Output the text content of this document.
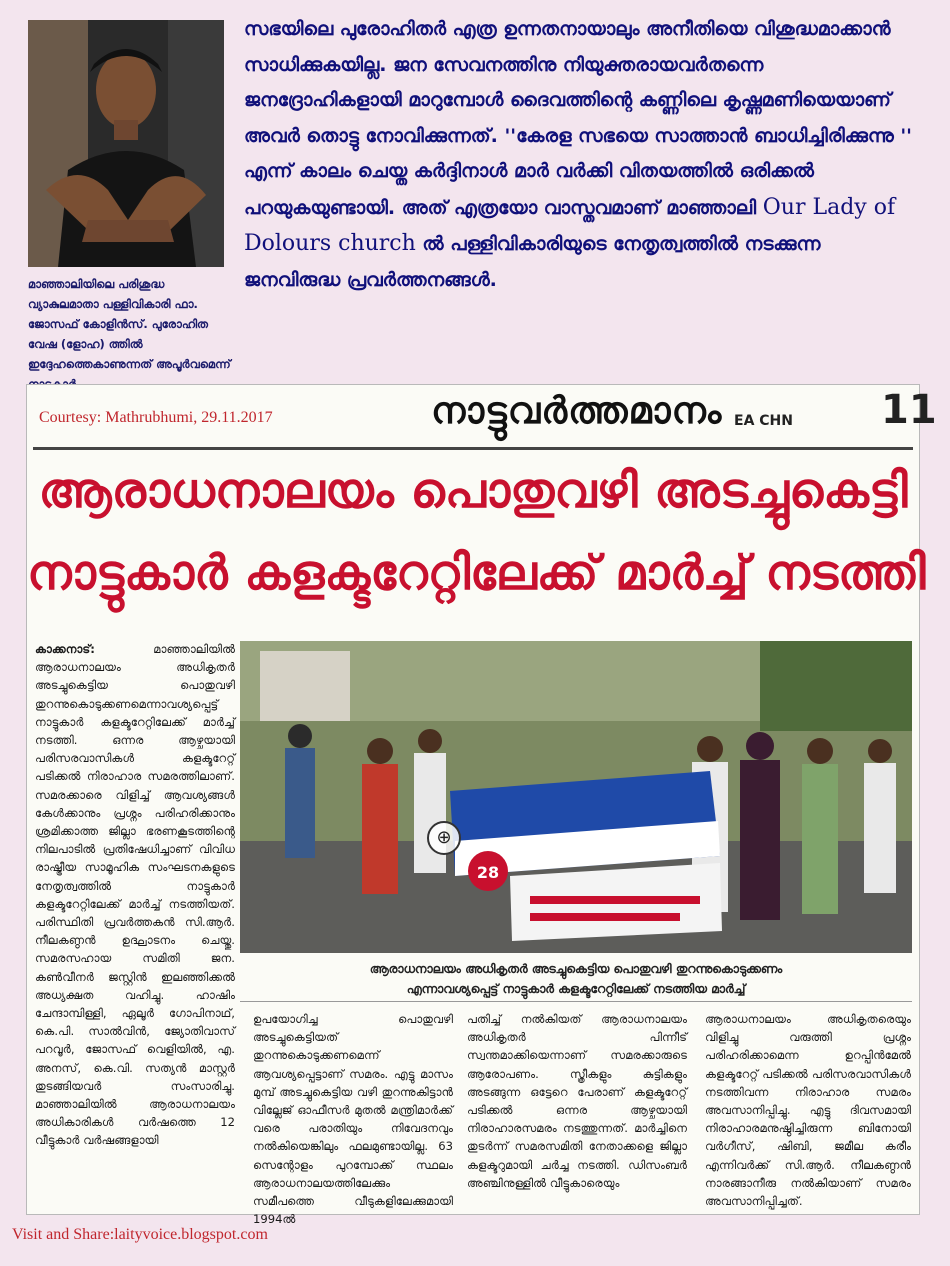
മാഞ്ഞാലിയിലെ പരിശുദ്ധ വ്യാകുലമാതാ പള്ളിവികാരി ഫാ. ജോസഫ് കോളിൻസ്. പുരോഹിത വേഷ (ളോഹ) ത്തിൽ ഇദ്ദേഹത്തെകാണുന്നത് അപൂർവമെന്ന്
സഭയിലെ പുരോഹിതർ എത്ര ഉന്നതനായാലും അനീതിയെ വിശുദ്ധമാക്കാൻ സാധിക്കുകയില്ല. ജന സേവനത്തിനു നിയുക്തരായവർതന്നെ ജനദ്രോഹികളായി മാറുമ്പോൾ ദൈവത്തിന്റെ കണ്ണിലെ കൃഷ്ണമണിയെയാണ് അവർ തൊട്ടു നോവിക്കുന്നത്. ''കേരള സഭയെ സാത്താൻ ബാധിച്ചിരിക്കുന്നു '' എന്ന് കാലം ചെയ്ത കർദ്ദിനാൾ മാർ വർക്കി വിതയത്തിൽ ഒരിക്കൽ പറയുകയുണ്ടായി. അത് എത്രയോ വാസ്തവമാണ് മാഞ്ഞാലി Our Lady of Dolours church ൽ പള്ളിവികാരിയുടെ നേതൃത്വത്തിൽ നടക്കുന്ന ജനവിരുദ്ധ പ്രവർത്തനങ്ങൾ.
Courtesy: Mathrubhumi, 29.11.2017	നാട്ടുവർത്തമാനം EA CHN 11
ആരാധനാലയം പൊതുവഴി അടച്ചുകെട്ടി
നാട്ടുകാർ കളക്ടറേറ്റിലേക്ക് മാർച്ച് നടത്തി
കാക്കനാട്: മാഞ്ഞാലിയിൽ ആരാധനാലയം അധികൃതർ അടച്ചുകെട്ടിയ പൊതുവഴി തുറന്നുകൊടുക്കണമെന്നാവശ്യപ്പെട്ട് നാട്ടുകാർ കളക്ടറേറ്റിലേക്ക് മാർച്ച് നടത്തി. ഒന്നര ആഴ്ചയായി പരിസരവാസികൾ കളക്ടറേറ്റ് പടിക്കൽ നിരാഹാര സമരത്തിലാണ്. സമരക്കാരെ വിളിച്ച് ആവശ്യങ്ങൾ കേൾക്കാനും പ്രശ്നം പരിഹരിക്കാനും ശ്രമിക്കാത്ത ജില്ലാ ഭരണകൂടത്തിന്റെ നിലപാടിൽ പ്രതിഷേധിച്ചാണ് വിവിധ രാഷ്ട്രീയ സാമൂഹിക സംഘടനകളുടെ നേതൃത്വത്തിൽ നാട്ടുകാർ കളക്ടറേറ്റിലേക്ക് മാർച്ച് നടത്തിയത്. പരിസ്ഥിതി പ്രവർത്തകൻ സി.ആർ. നീലകണ്ഠൻ ഉദ്ഘാടനം ചെയ്തു. സമരസഹായ സമിതി ജന. കൺവീനർ ജസ്റ്റിൻ ഇലഞ്ഞിക്കൽ അധ്യക്ഷത വഹിച്ചു. ഹാഷിം ചേന്ദാമ്പിള്ളി, ഏലൂർ ഗോപിനാഥ്, കെ.പി. സാൽവിൻ, ജ്യോതിവാസ് പറവൂർ, ജോസഫ് വെളിയിൽ, എ. അനസ്, കെ.വി. സത്യൻ മാസ്റ്റർ തുടങ്ങിയവർ സംസാരിച്ചു. മാഞ്ഞാലിയിൽ ആരാധനാലയം അധികാരികൾ വർഷത്തെ 12 വീട്ടുകാർ വർഷങ്ങളായി
28
⊕
ആരാധനാലയം അധികൃതർ അടച്ചുകെട്ടിയ പൊതുവഴി തുറന്നുകൊടുക്കണം
എന്നാവശ്യപ്പെട്ട് നാട്ടുകാർ കളക്ടറേറ്റിലേക്ക് നടത്തിയ മാർച്ച്
ഉപയോഗിച്ച പൊതുവഴി അടച്ചുകെട്ടിയത് തുറന്നുകൊടുക്കണമെന്ന് ആവശ്യപ്പെട്ടാണ് സമരം. എട്ടു മാസം മുമ്പ് അടച്ചുകെട്ടിയ വഴി തുറന്നുകിട്ടാൻ വില്ലേജ് ഓഫീസർ മുതൽ മന്ത്രിമാർക്ക് വരെ പരാതിയും നിവേദനവും നൽകിയെങ്കിലും ഫലമുണ്ടായില്ല. 63 സെന്റോളം പുറമ്പോക്ക് സ്ഥലം ആരാധനാലയത്തിലേക്കും സമീപത്തെ വീടുകളിലേക്കുമായി 1994ൽ
പതിച്ച് നൽകിയത് ആരാധനാലയം അധികൃതർ പിന്നീട് സ്വന്തമാക്കിയെന്നാണ് സമരക്കാരുടെ ആരോപണം. സ്ത്രീകളും കുട്ടികളും അടങ്ങുന്ന ഒട്ടേറെ പേരാണ് കളക്ടറേറ്റ് പടിക്കൽ ഒന്നര ആഴ്ചയായി നിരാഹാരസമരം നടത്തുന്നത്. മാർച്ചിനെ തുടർന്ന് സമരസമിതി നേതാക്കളെ ജില്ലാ കളക്ടറുമായി ചർച്ച നടത്തി. ഡിസംബർ അഞ്ചിനുള്ളിൽ വീട്ടുകാരെയും
ആരാധനാലയം അധികൃതരെയും വിളിച്ചു വരുത്തി പ്രശ്നം പരിഹരിക്കാമെന്ന ഉറപ്പിൻമേൽ കളക്ടറേറ്റ് പടിക്കൽ പരിസരവാസികൾ നടത്തിവന്ന നിരാഹാര സമരം അവസാനിപ്പിച്ചു. എട്ടു ദിവസമായി നിരാഹാരമനുഷ്ഠിച്ചിരുന്ന ബിനോയി വർഗീസ്, ഷിബി, ജമീല കരീം എന്നിവർക്ക് സി.ആർ. നീലകണ്ഠൻ നാരങ്ങാനീരു നൽകിയാണ് സമരം അവസാനിപ്പിച്ചത്.
Visit and Share:laityvoice.blogspot.com
